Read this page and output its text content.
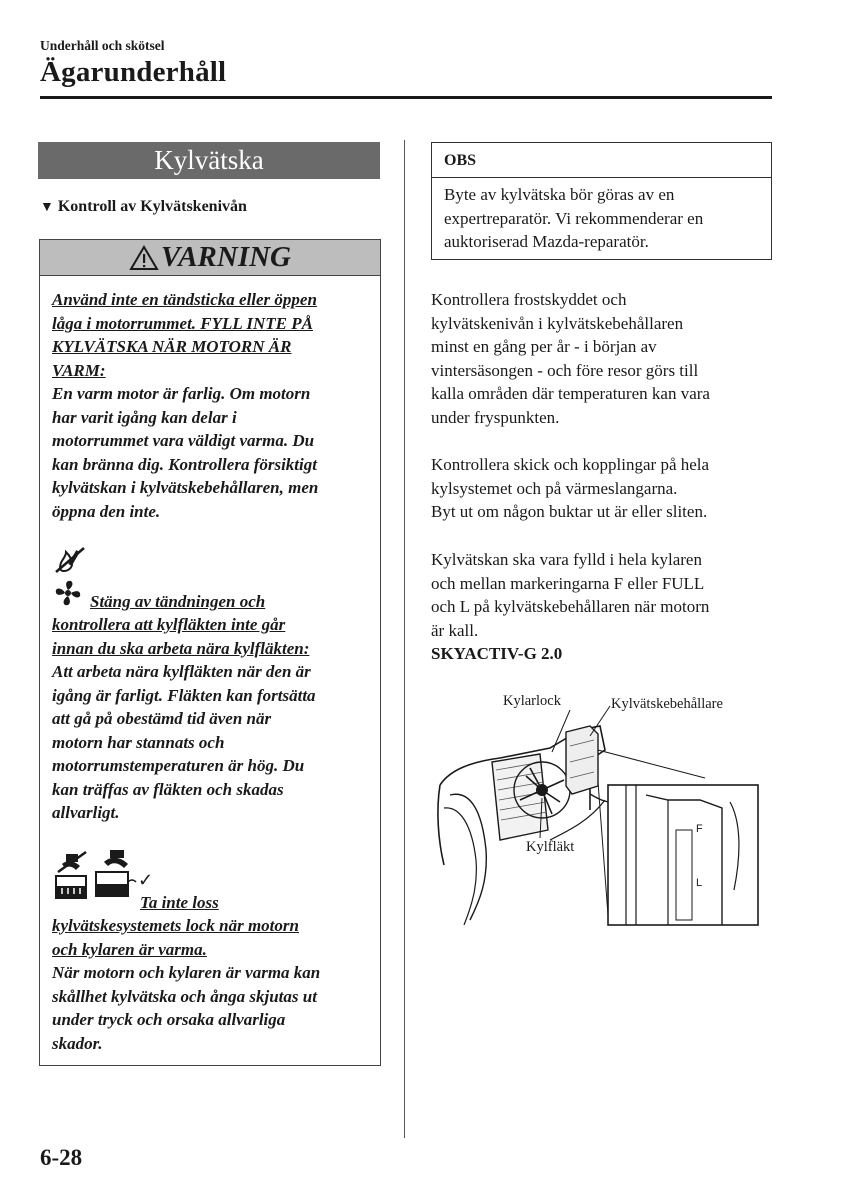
Underhåll och skötsel
Ägarunderhåll
Kylvätska
▼ Kontroll av Kylvätskenivån
VARNING
Använd inte en tändsticka eller öppen
låga i motorrummet. FYLL INTE PÅ
KYLVÄTSKA NÄR MOTORN ÄR
VARM:
En varm motor är farlig. Om motorn
har varit igång kan delar i
motorrummet vara väldigt varma. Du
kan bränna dig. Kontrollera försiktigt
kylvätskan i kylvätskebehållaren, men
öppna den inte.
Stäng av tändningen och
kontrollera att kylfläkten inte går
innan du ska arbeta nära kylfläkten:
Att arbeta nära kylfläkten när den är
igång är farligt. Fläkten kan fortsätta
att gå på obestämd tid även när
motorn har stannats och
motorrumstemperaturen är hög. Du
kan träffas av fläkten och skadas
allvarligt.
✓
Ta inte loss
kylvätskesystemets lock när motorn
och kylaren är varma.
När motorn och kylaren är varma kan
skållhet kylvätska och ånga skjutas ut
under tryck och orsaka allvarliga
skador.
OBS
Byte av kylvätska bör göras av en
expertreparatör. Vi rekommenderar en
auktoriserad Mazda-reparatör.
Kontrollera frostskyddet och
kylvätskenivån i kylvätskebehållaren
minst en gång per år - i början av
vintersäsongen - och före resor görs till
kalla områden där temperaturen kan vara
under fryspunkten.
Kontrollera skick och kopplingar på hela
kylsystemet och på värmeslangarna.
Byt ut om någon buktar ut är eller sliten.
Kylvätskan ska vara fylld i hela kylaren
och mellan markeringarna F eller FULL
och L på kylvätskebehållaren när motorn
är kall.
SKYACTIV-G 2.0
F
L
Kylarlock	Kylvätskebehållare
Kylfläkt
6-28
